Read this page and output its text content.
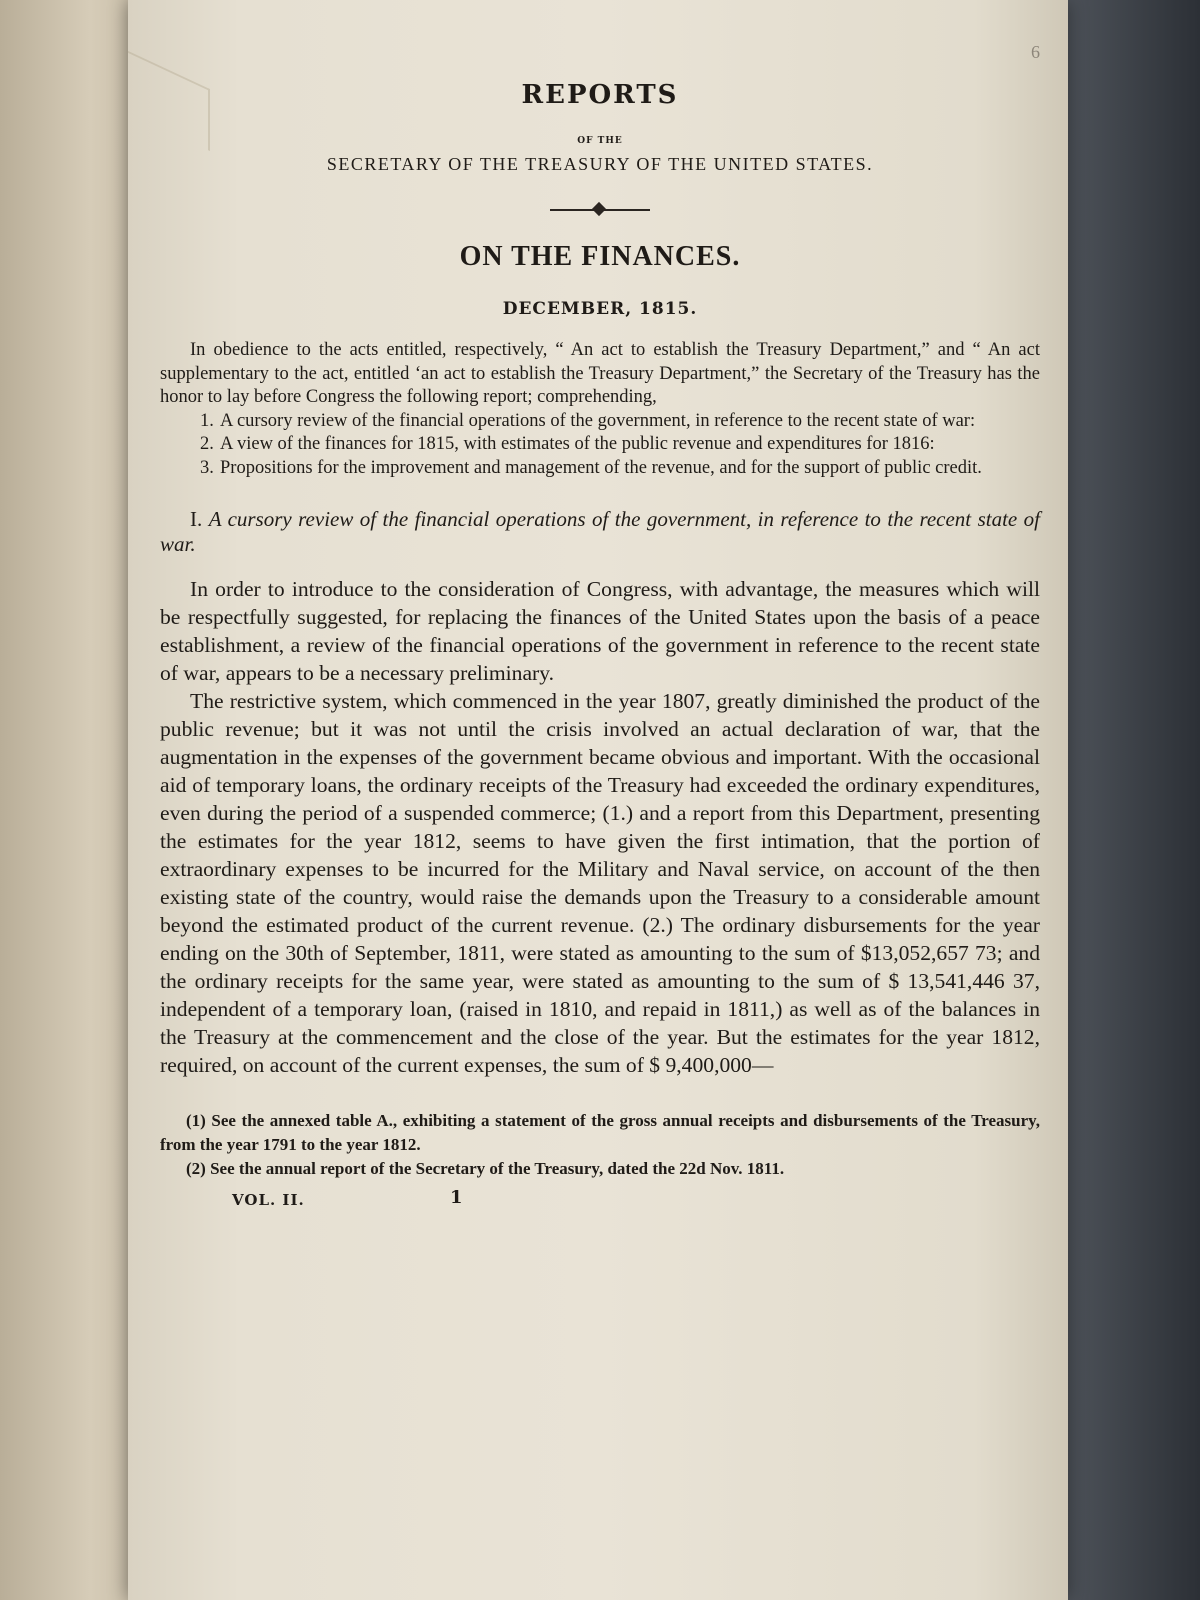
6
REPORTS
OF THE
SECRETARY OF THE TREASURY OF THE UNITED STATES.
ON THE FINANCES.
DECEMBER, 1815.

In obedience to the acts entitled, respectively, “ An act to establish the Treasury Department,” and “ An act supplementary to the act, entitled ‘an act to establish the Treasury Department,” the Secretary of the Treasury has the honor to lay before Congress the following report; comprehending,

1. A cursory review of the financial operations of the government, in reference to the recent state of war:
2. A view of the finances for 1815, with estimates of the public revenue and expenditures for 1816:
3. Propositions for the improvement and management of the revenue, and for the support of public credit.

I. A cursory review of the financial operations of the government, in reference to the recent state of war.

In order to introduce to the consideration of Congress, with advantage, the measures which will be respectfully suggested, for replacing the finances of the United States upon the basis of a peace establishment, a review of the financial operations of the government in reference to the recent state of war, appears to be a necessary preliminary.

The restrictive system, which commenced in the year 1807, greatly diminished the product of the public revenue; but it was not until the crisis involved an actual declaration of war, that the augmentation in the expenses of the government became obvious and important. With the occasional aid of temporary loans, the ordinary receipts of the Treasury had exceeded the ordinary expenditures, even during the period of a suspended commerce; (1.) and a report from this Department, presenting the estimates for the year 1812, seems to have given the first intimation, that the portion of extraordinary expenses to be incurred for the Military and Naval service, on account of the then existing state of the country, would raise the demands upon the Treasury to a considerable amount beyond the estimated product of the current revenue. (2.) The ordinary disbursements for the year ending on the 30th of September, 1811, were stated as amounting to the sum of $13,052,657 73; and the ordinary receipts for the same year, were stated as amounting to the sum of $ 13,541,446 37, independent of a temporary loan, (raised in 1810, and repaid in 1811,) as well as of the balances in the Treasury at the commencement and the close of the year. But the estimates for the year 1812, required, on account of the current expenses, the sum of $ 9,400,000—

(1) See the annexed table A., exhibiting a statement of the gross annual receipts and disbursements of the Treasury, from the year 1791 to the year 1812.

(2) See the annual report of the Secretary of the Treasury, dated the 22d Nov. 1811.

VOL. II.	1
